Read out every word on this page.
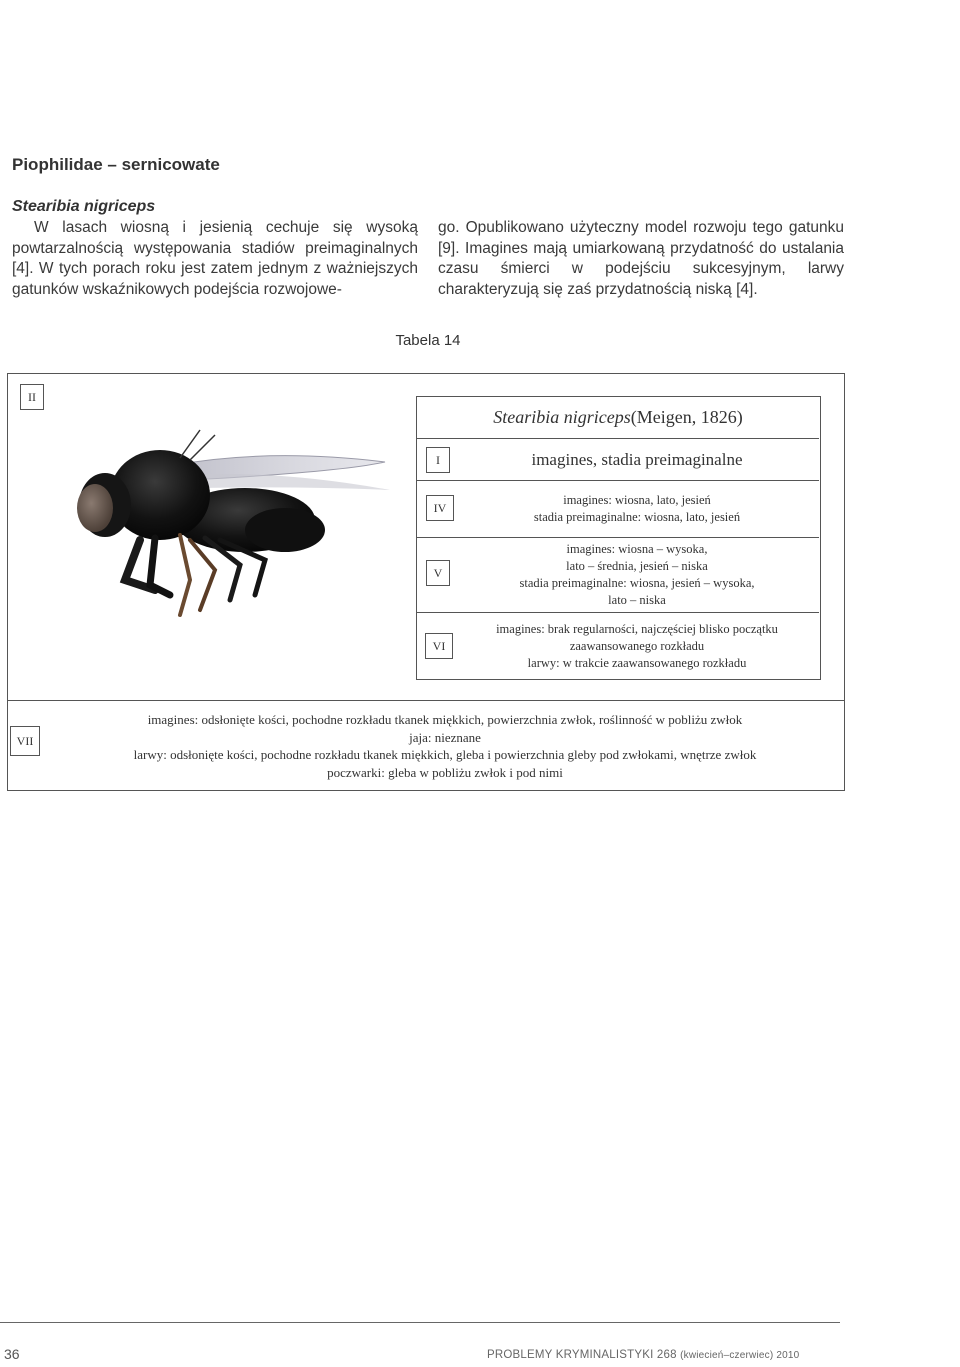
Piophilidae – sernicowate
Stearibia nigriceps

W lasach wiosną i jesienią cechuje się wysoką powtarzalnością występowania stadiów preimaginalnych [4]. W tych porach roku jest zatem jednym z ważniejszych gatunków wskaźnikowych podejścia rozwojowe-

go. Opublikowano użyteczny model rozwoju tego gatunku [9]. Imagines mają umiarkowaną przydatność do ustalania czasu śmierci w podejściu sukcesyjnym, larwy charakteryzują się zaś przydatnością niską [4].

Tabela 14
II
Stearibia nigriceps (Meigen, 1826)
I	imagines, stadia preimaginalne
IV
imagines: wiosna, lato, jesień
stadia preimaginalne: wiosna, lato, jesień
V
imagines: wiosna – wysoka,
lato – średnia, jesień – niska
stadia preimaginalne: wiosna, jesień – wysoka,
lato – niska
VI
imagines: brak regularności, najczęściej blisko początku
zaawansowanego rozkładu
larwy: w trakcie zaawansowanego rozkładu
VII
imagines: odsłonięte kości, pochodne rozkładu tkanek miękkich, powierzchnia zwłok, roślinność w pobliżu zwłok
jaja: nieznane
larwy: odsłonięte kości, pochodne rozkładu tkanek miękkich, gleba i powierzchnia gleby pod zwłokami, wnętrze zwłok
poczwarki: gleba w pobliżu zwłok i pod nimi
36	PROBLEMY KRYMINALISTYKI 268 (kwiecień–czerwiec) 2010
